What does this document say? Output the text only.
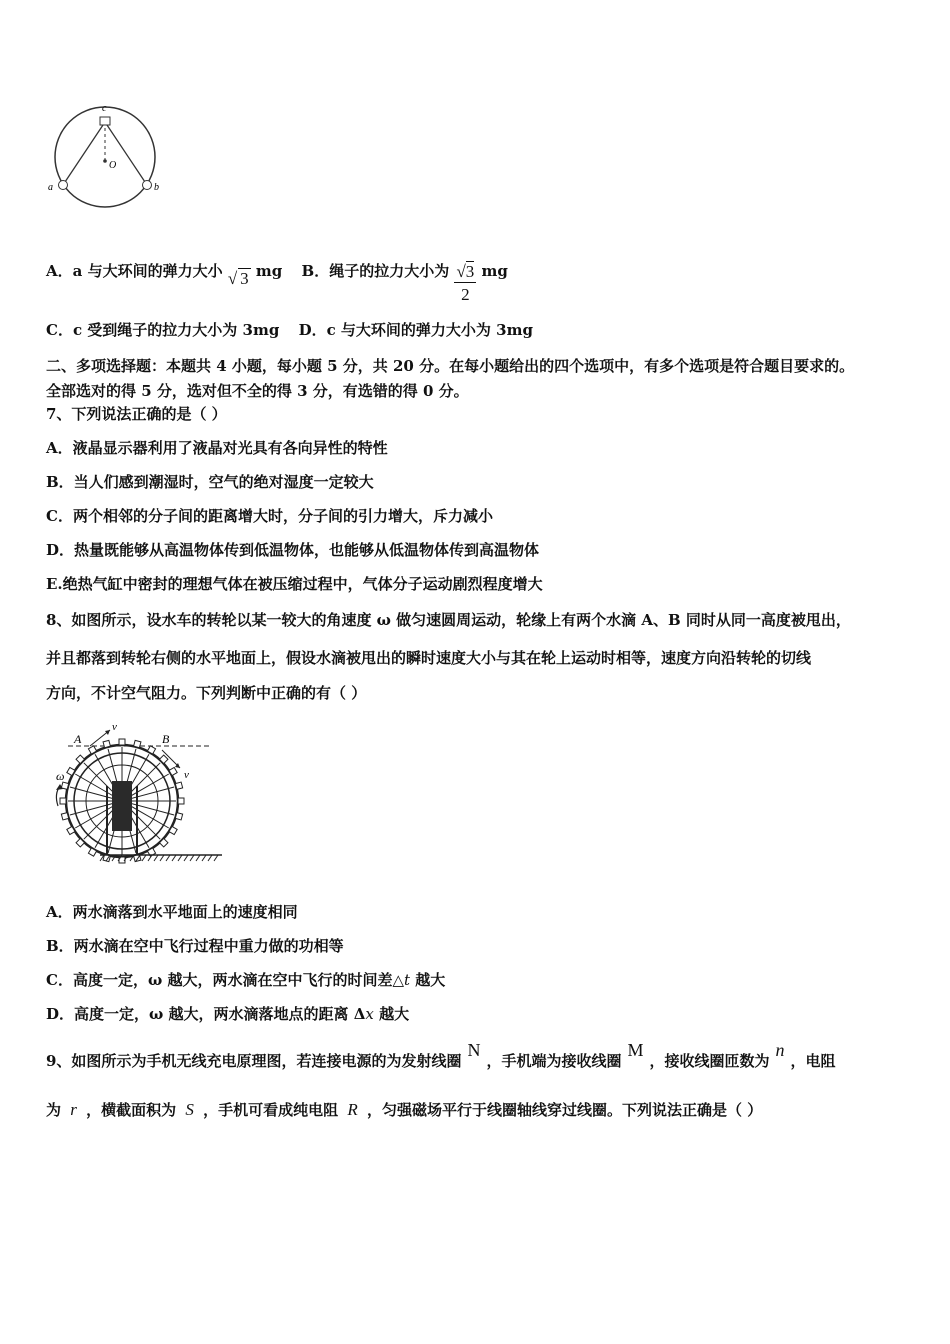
c
O
a	b
A．a 与大环间的弹力大小 √ 3 mg B．绳子的拉力大小为 $\frac{√3}{2}$ mg
C．c 受到绳子的拉力大小为 3mg D．c 与大环间的弹力大小为 3mg
二、多项选择题：本题共 4 小题，每小题 5 分，共 20 分。在每小题给出的四个选项中，有多个选项是符合题目要求的。
全部选对的得 5 分，选对但不全的得 3 分，有选错的得 0 分。
7、下列说法正确的是（ ）
A．液晶显示器利用了液晶对光具有各向异性的特性
B．当人们感到潮湿时，空气的绝对湿度一定较大
C．两个相邻的分子间的距离增大时，分子间的引力增大，斥力减小
D．热量既能够从高温物体传到低温物体，也能够从低温物体传到高温物体
E.绝热气缸中密封的理想气体在被压缩过程中，气体分子运动剧烈程度增大
8、如图所示，设水车的转轮以某一较大的角速度 ω 做匀速圆周运动，轮缘上有两个水滴 A、B 同时从同一高度被甩出，
并且都落到转轮右侧的水平地面上，假设水滴被甩出的瞬时速度大小与其在轮上运动时相等，速度方向沿转轮的切线
方向，不计空气阻力。下列判断中正确的有（ ）
A	B
v
v
ω
A．两水滴落到水平地面上的速度相同
B．两水滴在空中飞行过程中重力做的功相等
C．高度一定，ω 越大，两水滴在空中飞行的时间差△t 越大
D．高度一定，ω 越大，两水滴落地点的距离 Δx 越大
9、如图所示为手机无线充电原理图，若连接电源的为发射线圈N，手机端为接收线圈M，接收线圈匝数为n，电阻
为 r ，横截面积为 S ，手机可看成纯电阻 R ，匀强磁场平行于线圈轴线穿过线圈。下列说法正确是（ ）
